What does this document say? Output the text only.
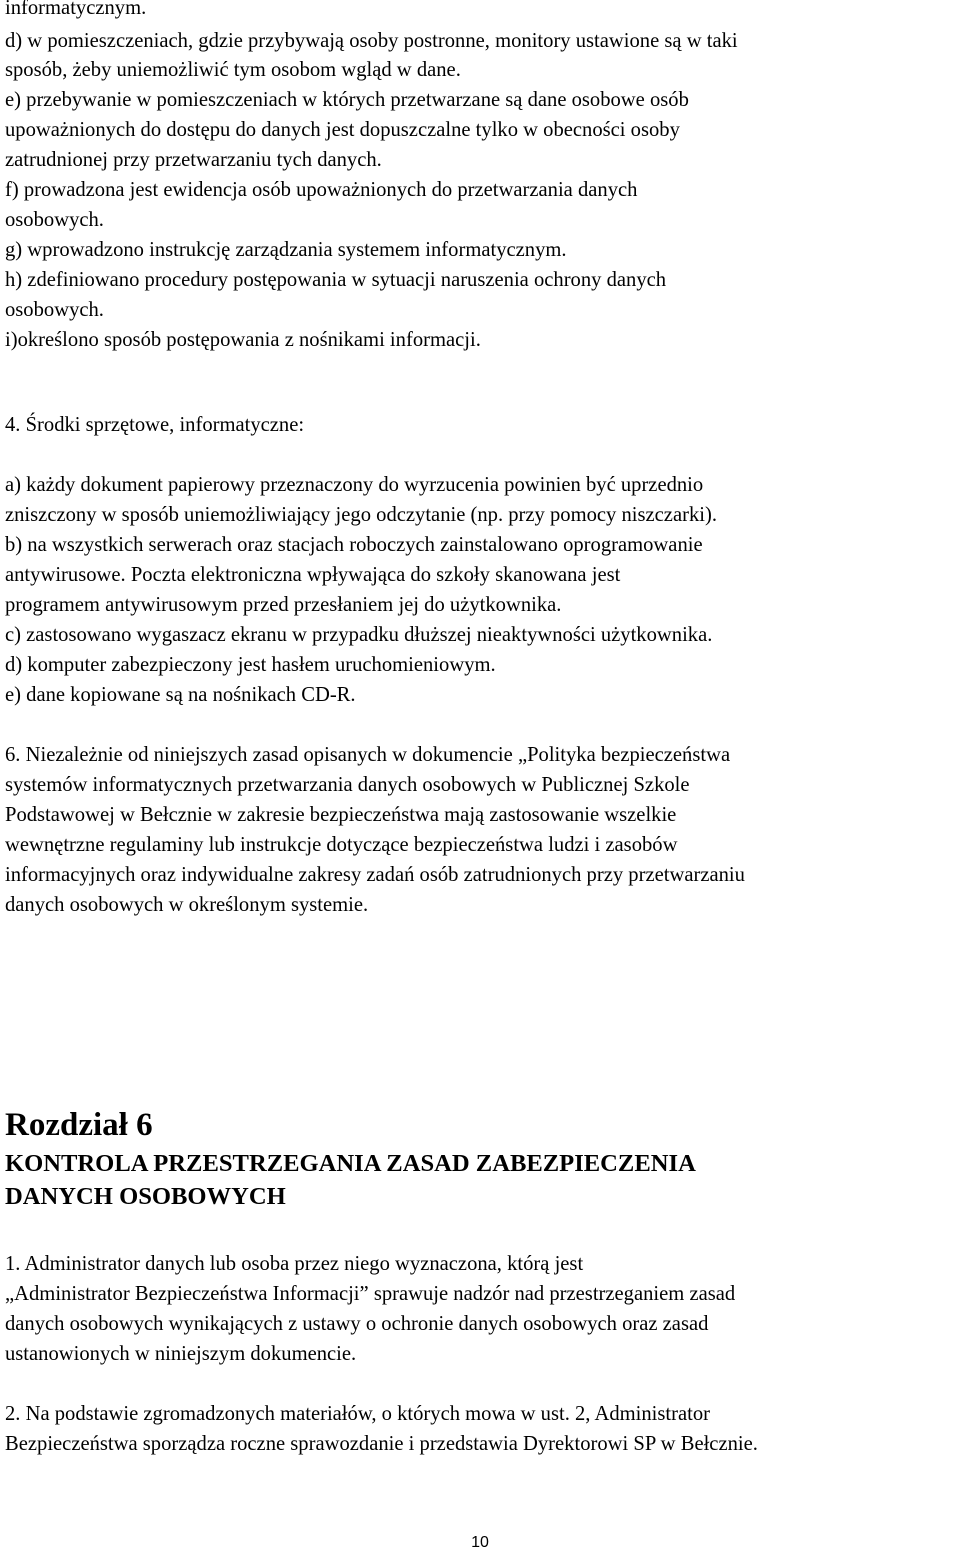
informatycznym.
d) w pomieszczeniach, gdzie przybywają osoby postronne, monitory ustawione są w taki
sposób, żeby uniemożliwić tym osobom wgląd w dane.
e) przebywanie w pomieszczeniach w których przetwarzane są dane osobowe osób
upoważnionych do dostępu do danych jest dopuszczalne tylko w obecności osoby
zatrudnionej przy przetwarzaniu tych danych.
f) prowadzona jest ewidencja osób upoważnionych do przetwarzania danych
osobowych.
g) wprowadzono instrukcję zarządzania systemem informatycznym.
h) zdefiniowano procedury postępowania w sytuacji naruszenia ochrony danych
osobowych.
i)określono sposób postępowania z nośnikami informacji.
4. Środki sprzętowe, informatyczne:
a) każdy dokument papierowy przeznaczony do wyrzucenia powinien być uprzednio
zniszczony w sposób uniemożliwiający jego odczytanie (np. przy pomocy niszczarki).
b) na wszystkich serwerach oraz stacjach roboczych zainstalowano oprogramowanie
antywirusowe. Poczta elektroniczna wpływająca do szkoły skanowana jest
programem antywirusowym przed przesłaniem jej do użytkownika.
c) zastosowano wygaszacz ekranu w przypadku dłuższej nieaktywności użytkownika.
d) komputer zabezpieczony jest hasłem uruchomieniowym.
e) dane kopiowane są na nośnikach CD-R.
6. Niezależnie od niniejszych zasad opisanych w dokumencie „Polityka bezpieczeństwa
systemów informatycznych przetwarzania danych osobowych w Publicznej Szkole
Podstawowej w Bełcznie w zakresie bezpieczeństwa mają zastosowanie wszelkie
wewnętrzne regulaminy lub instrukcje dotyczące bezpieczeństwa ludzi i zasobów
informacyjnych oraz indywidualne zakresy zadań osób zatrudnionych przy przetwarzaniu
danych osobowych w określonym systemie.
Rozdział 6
KONTROLA PRZESTRZEGANIA ZASAD ZABEZPIECZENIA
DANYCH OSOBOWYCH
1. Administrator danych lub osoba przez niego wyznaczona, którą jest
„Administrator Bezpieczeństwa Informacji” sprawuje nadzór nad przestrzeganiem zasad
danych osobowych wynikających z ustawy o ochronie danych osobowych oraz zasad
ustanowionych w niniejszym dokumencie.
2. Na podstawie zgromadzonych materiałów, o których mowa w ust. 2, Administrator
Bezpieczeństwa sporządza roczne sprawozdanie i przedstawia Dyrektorowi SP w Bełcznie.
10
